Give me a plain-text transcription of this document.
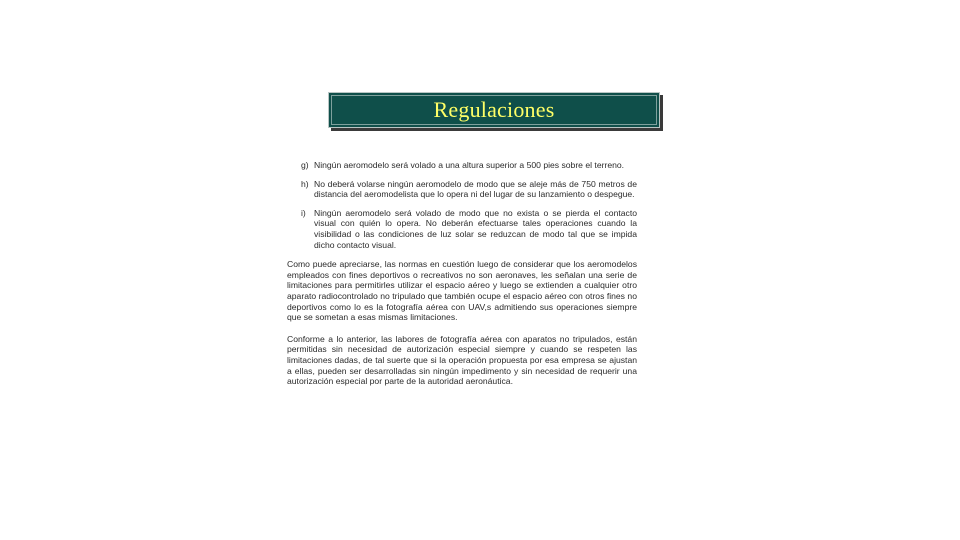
Regulaciones
g) Ningún aeromodelo será volado a una altura superior a 500 pies sobre el terreno.
h) No deberá volarse ningún aeromodelo de modo que se aleje más de 750 metros de distancia del aeromodelista que lo opera ni del lugar de su lanzamiento o despegue.
i) Ningún aeromodelo será volado de modo que no exista o se pierda el contacto visual con quién lo opera. No deberán efectuarse tales operaciones cuando la visibilidad o las condiciones de luz solar se reduzcan de modo tal que se impida dicho contacto visual.

Como puede apreciarse, las normas en cuestión luego de considerar que los aeromodelos empleados con fines deportivos o recreativos no son aeronaves, les señalan una serie de limitaciones para permitirles utilizar el espacio aéreo y luego se extienden a cualquier otro aparato radiocontrolado no tripulado que también ocupe el espacio aéreo con otros fines no deportivos como lo es la fotografía aérea con UAV,s admitiendo sus operaciones siempre que se sometan a esas mismas limitaciones.

Conforme a lo anterior, las labores de fotografía aérea con aparatos no tripulados, están permitidas sin necesidad de autorización especial siempre y cuando se respeten las limitaciones dadas, de tal suerte que si la operación propuesta por esa empresa se ajustan a ellas, pueden ser desarrolladas sin ningún impedimento y sin necesidad de requerir una autorización especial por parte de la autoridad aeronáutica.
